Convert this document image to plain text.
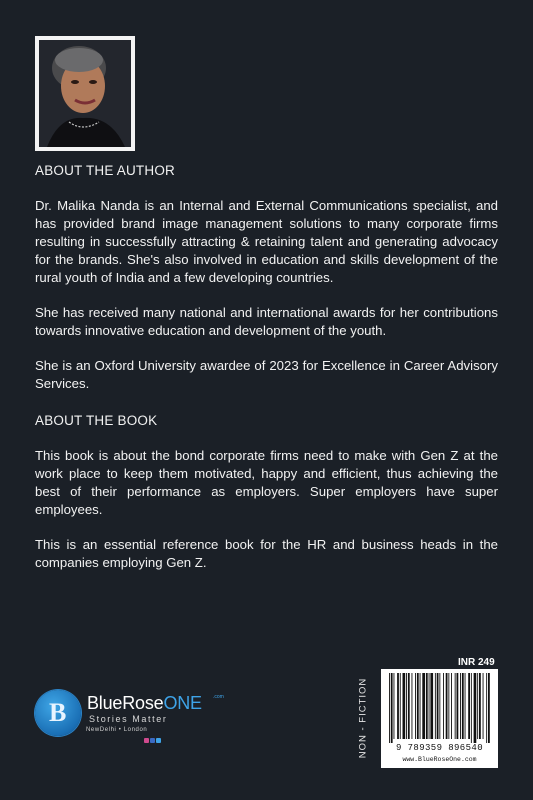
ABOUT THE AUTHOR
Dr. Malika Nanda is an Internal and External Communications specialist, and has provided brand image management solutions to many corporate firms resulting in successfully attracting & retaining talent and generating advocacy for the brands. She's also involved in education and skills development of the rural youth of India and a few developing countries.
She has received many national and international awards for her contributions towards innovative education and development of the youth.
She is an Oxford University awardee of 2023 for Excellence in Career Advisory Services.
ABOUT THE BOOK
This book is about the bond corporate firms need to make with Gen Z at the work place to keep them motivated, happy and efficient, thus achieving the best of their performance as employers. Super employers have super employees.
This is an essential reference book for the HR and business heads in the companies employing Gen Z.
B BlueRoseONE .com
Stories Matter
NewDelhi • London	NON - FICTION
INR 249
9 789359 896540
www.BlueRoseOne.com
